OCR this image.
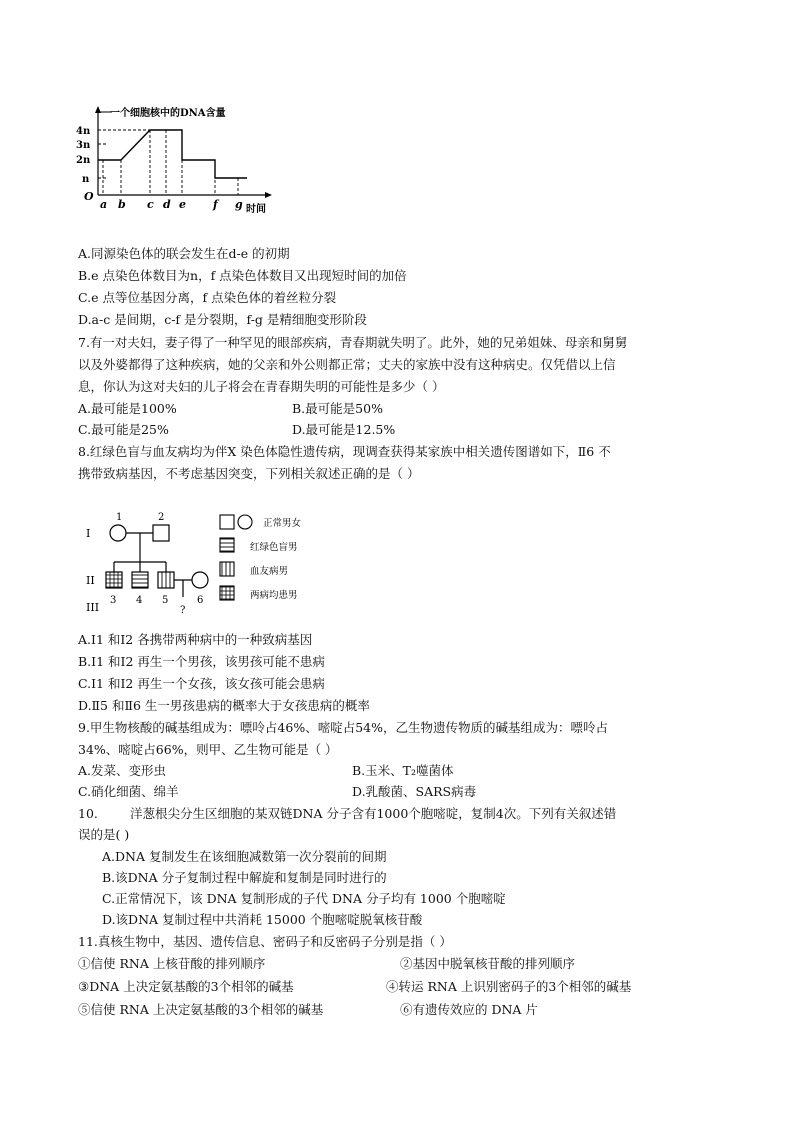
一个细胞核中的DNA含量
4n
3n
2n
n
O
a b c d e f g 时间
A.同源染色体的联会发生在d-e 的初期
B.e 点染色体数目为n，f 点染色体数目又出现短时间的加倍
C.e 点等位基因分离，f 点染色体的着丝粒分裂
D.a-c 是间期，c-f 是分裂期，f-g 是精细胞变形阶段
7.有一对夫妇，妻子得了一种罕见的眼部疾病，青春期就失明了。此外，她的兄弟姐妹、母亲和舅舅
以及外婆都得了这种疾病，她的父亲和外公则都正常；丈夫的家族中没有这种病史。仅凭借以上信
息，你认为这对夫妇的儿子将会在青春期失明的可能性是多少（ ）
A.最可能是100%	B.最可能是50%
C.最可能是25%	D.最可能是12.5%
8.红绿色盲与血友病均为伴X 染色体隐性遗传病，现调查获得某家族中相关遗传图谱如下，Ⅱ6 不
携带致病基因，不考虑基因突变，下列相关叙述正确的是（ ）
I
II
III
1	2
3 4 5	6
?
正常男女
红绿色盲男
血友病男
两病均患男
A.I1 和I2 各携带两种病中的一种致病基因
B.I1 和I2 再生一个男孩，该男孩可能不患病
C.I1 和I2 再生一个女孩，该女孩可能会患病
D.Ⅱ5 和Ⅱ6 生一男孩患病的概率大于女孩患病的概率
9.甲生物核酸的碱基组成为：嘌呤占46%、嘧啶占54%，乙生物遗传物质的碱基组成为：嘌呤占
34%、嘧啶占66%，则甲、乙生物可能是（ ）
A.发菜、变形虫	B.玉米、T₂噬菌体
C.硝化细菌、绵羊	D.乳酸菌、SARS病毒
10.	洋葱根尖分生区细胞的某双链DNA 分子含有1000个胞嘧啶，复制4次。下列有关叙述错
误的是( )
A.DNA 复制发生在该细胞减数第一次分裂前的间期
B.该DNA 分子复制过程中解旋和复制是同时进行的
C.正常情况下，该 DNA 复制形成的子代 DNA 分子均有 1000 个胞嘧啶
D.该DNA 复制过程中共消耗 15000 个胞嘧啶脱氧核苷酸
11.真核生物中，基因、遗传信息、密码子和反密码子分别是指（ ）
①信使 RNA 上核苷酸的排列顺序	②基因中脱氧核苷酸的排列顺序
③DNA 上决定氨基酸的3个相邻的碱基	④转运 RNA 上识别密码子的3个相邻的碱基
⑤信使 RNA 上决定氨基酸的3个相邻的碱基	⑥有遗传效应的 DNA 片
